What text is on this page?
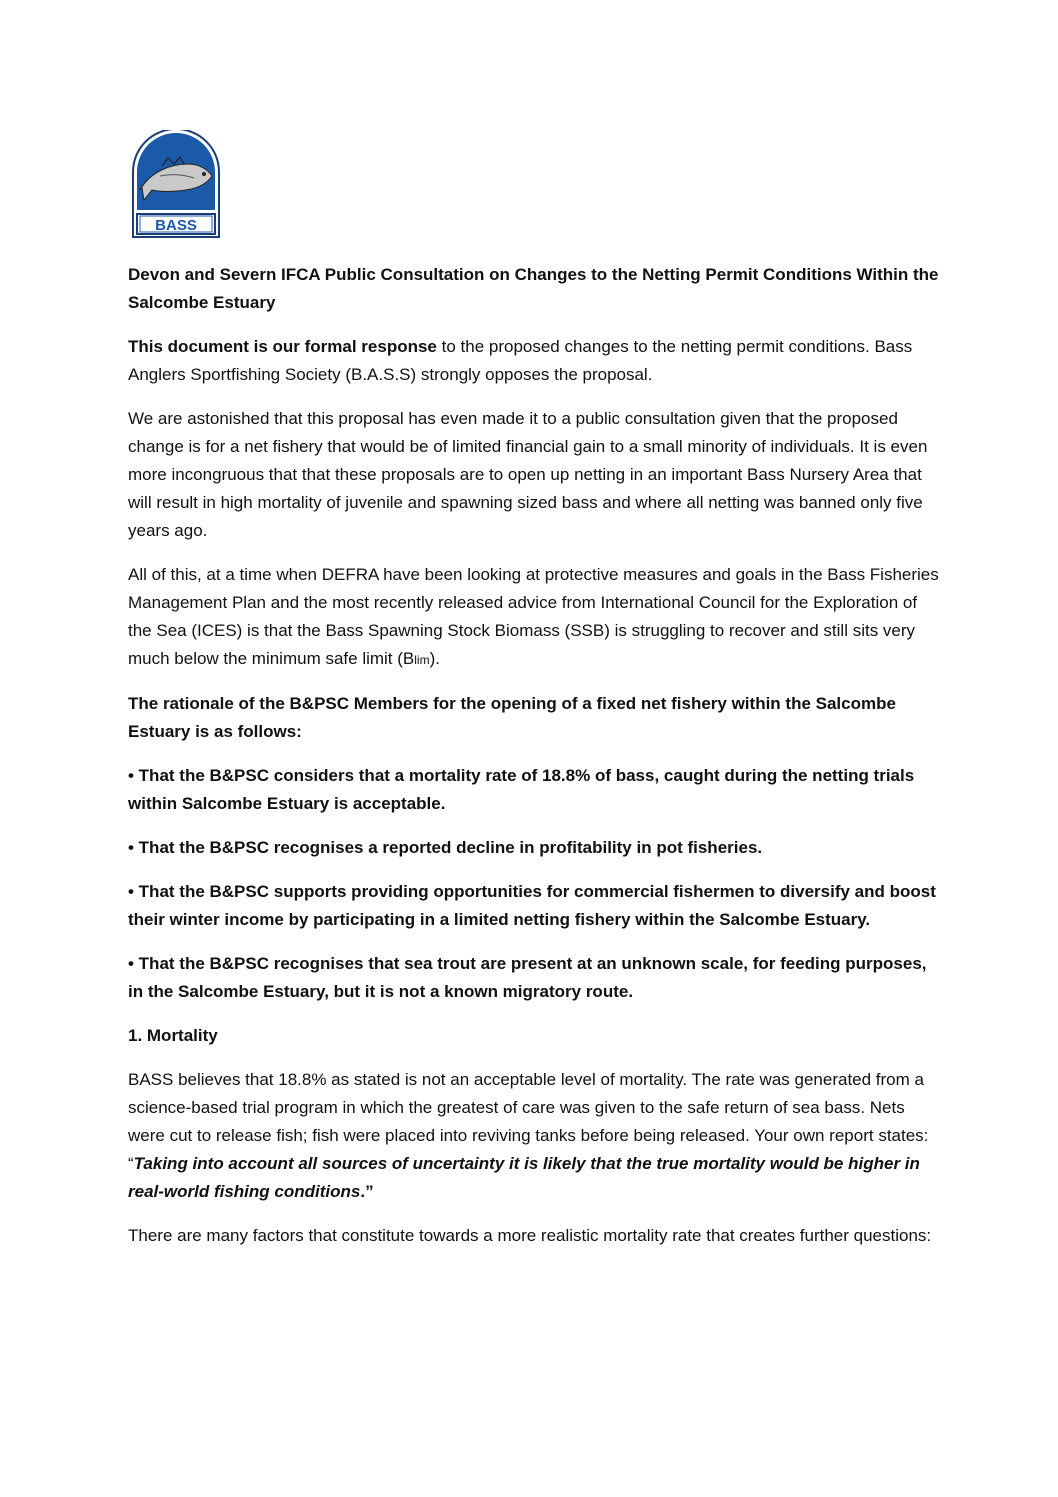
BASS
Devon and Severn IFCA Public Consultation on Changes to the Netting Permit Conditions Within the Salcombe Estuary

This document is our formal response to the proposed changes to the netting permit conditions. Bass Anglers Sportfishing Society (B.A.S.S) strongly opposes the proposal.

We are astonished that this proposal has even made it to a public consultation given that the proposed change is for a net fishery that would be of limited financial gain to a small minority of individuals. It is even more incongruous that that these proposals are to open up netting in an important Bass Nursery Area that will result in high mortality of juvenile and spawning sized bass and where all netting was banned only five years ago.

All of this, at a time when DEFRA have been looking at protective measures and goals in the Bass Fisheries Management Plan and the most recently released advice from International Council for the Exploration of the Sea (ICES) is that the Bass Spawning Stock Biomass (SSB) is struggling to recover and still sits very much below the minimum safe limit (Blim).

The rationale of the B&PSC Members for the opening of a fixed net fishery within the Salcombe Estuary is as follows:

• That the B&PSC considers that a mortality rate of 18.8% of bass, caught during the netting trials within Salcombe Estuary is acceptable.

• That the B&PSC recognises a reported decline in profitability in pot fisheries.

• That the B&PSC supports providing opportunities for commercial fishermen to diversify and boost their winter income by participating in a limited netting fishery within the Salcombe Estuary.

• That the B&PSC recognises that sea trout are present at an unknown scale, for feeding purposes, in the Salcombe Estuary, but it is not a known migratory route.

1. Mortality

BASS believes that 18.8% as stated is not an acceptable level of mortality. The rate was generated from a science-based trial program in which the greatest of care was given to the safe return of sea bass. Nets were cut to release fish; fish were placed into reviving tanks before being released. Your own report states: “Taking into account all sources of uncertainty it is likely that the true mortality would be higher in real-world fishing conditions.”

There are many factors that constitute towards a more realistic mortality rate that creates further questions:
